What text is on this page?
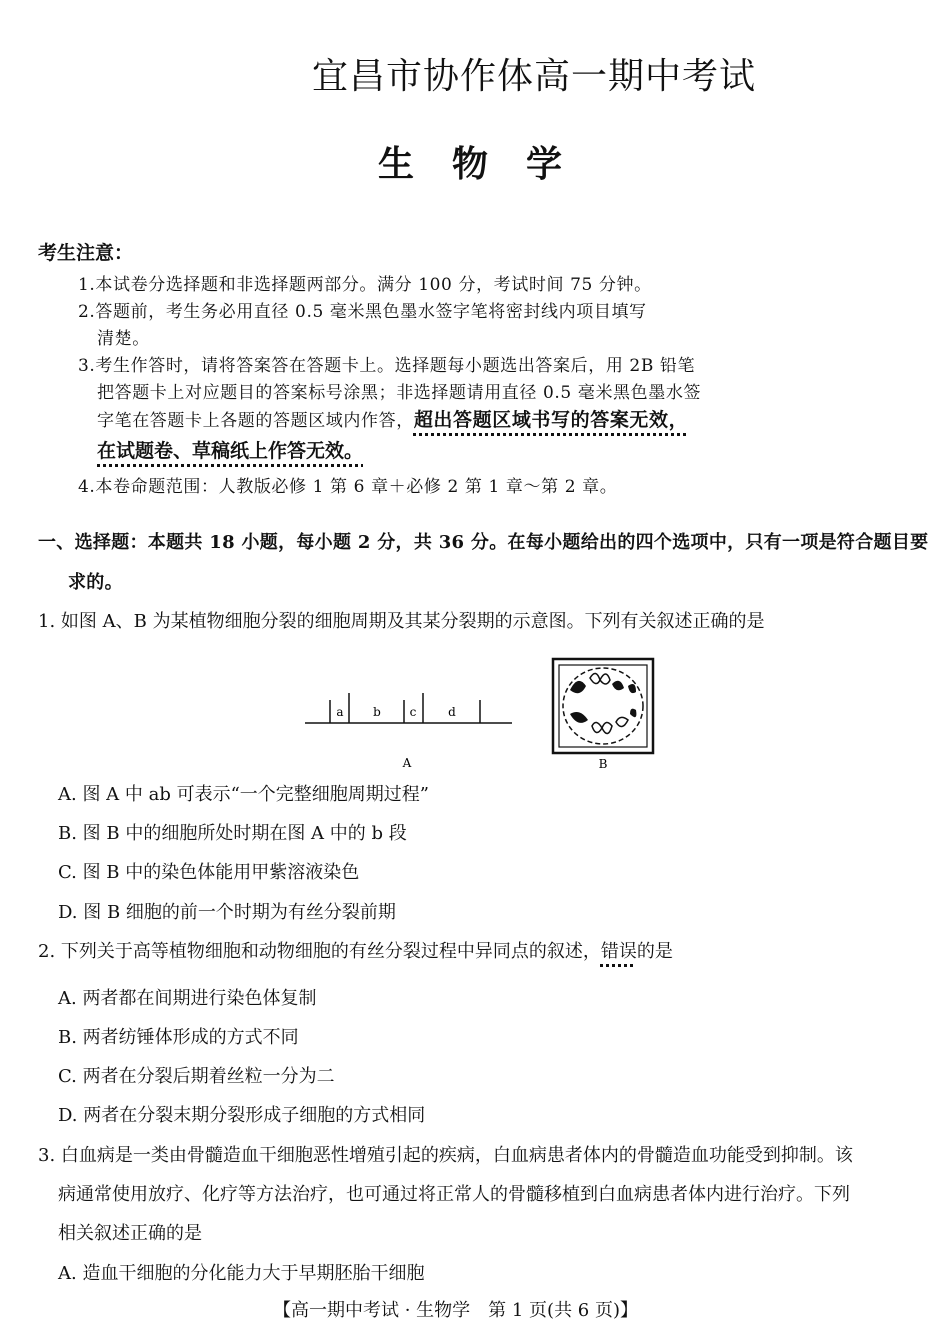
宜昌市协作体高一期中考试
生物学
考生注意：
1.本试卷分选择题和非选择题两部分。满分 100 分，考试时间 75 分钟。
2.答题前，考生务必用直径 0.5 毫米黑色墨水签字笔将密封线内项目填写
清楚。
3.考生作答时，请将答案答在答题卡上。选择题每小题选出答案后，用 2B 铅笔
把答题卡上对应题目的答案标号涂黑；非选择题请用直径 0.5 毫米黑色墨水签
字笔在答题卡上各题的答题区域内作答，超出答题区域书写的答案无效，
在试题卷、草稿纸上作答无效。
4.本卷命题范围：人教版必修 1 第 6 章＋必修 2 第 1 章～第 2 章。
一、选择题：本题共 18 小题，每小题 2 分，共 36 分。在每小题给出的四个选项中，只有一项是符合题目要
求的。
1. 如图 A、B 为某植物细胞分裂的细胞周期及其某分裂期的示意图。下列有关叙述正确的是
a b c	d
A	B
A. 图 A 中 ab 可表示“一个完整细胞周期过程”
B. 图 B 中的细胞所处时期在图 A 中的 b 段
C. 图 B 中的染色体能用甲紫溶液染色
D. 图 B 细胞的前一个时期为有丝分裂前期
2. 下列关于高等植物细胞和动物细胞的有丝分裂过程中异同点的叙述，错误的是
A. 两者都在间期进行染色体复制
B. 两者纺锤体形成的方式不同
C. 两者在分裂后期着丝粒一分为二
D. 两者在分裂末期分裂形成子细胞的方式相同
3. 白血病是一类由骨髓造血干细胞恶性增殖引起的疾病，白血病患者体内的骨髓造血功能受到抑制。该
病通常使用放疗、化疗等方法治疗，也可通过将正常人的骨髓移植到白血病患者体内进行治疗。下列
相关叙述正确的是
A. 造血干细胞的分化能力大于早期胚胎干细胞
【高一期中考试 · 生物学　第 1 页(共 6 页)】
